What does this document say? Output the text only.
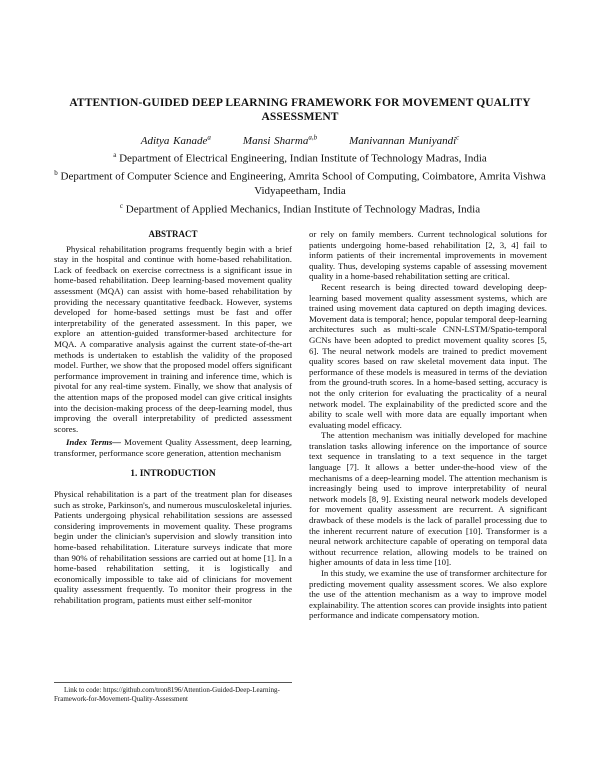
ATTENTION-GUIDED DEEP LEARNING FRAMEWORK FOR MOVEMENT QUALITY ASSESSMENT
Aditya Kanade$^a$	Mansi Sharma$^{a,b}$	Manivannan Muniyandi$^c$
$^a$ Department of Electrical Engineering, Indian Institute of Technology Madras, India
$^b$ Department of Computer Science and Engineering, Amrita School of Computing, Coimbatore, Amrita Vishwa Vidyapeetham, India
$^c$ Department of Applied Mechanics, Indian Institute of Technology Madras, India
ABSTRACT

Physical rehabilitation programs frequently begin with a brief stay in the hospital and continue with home-based rehabilitation. Lack of feedback on exercise correctness is a significant issue in home-based rehabilitation. Deep learning-based movement quality assessment (MQA) can assist with home-based rehabilitation by providing the necessary quantitative feedback. However, systems developed for home-based settings must be fast and offer interpretability of the generated assessment. In this paper, we explore an attention-guided transformer-based architecture for MQA. A comparative analysis against the current state-of-the-art methods is undertaken to establish the validity of the proposed model. Further, we show that the proposed model offers significant performance improvement in training and inference time, which is pivotal for any real-time system. Finally, we show that analysis of the attention maps of the proposed model can give critical insights into the decision-making process of the deep-learning model, thus improving the overall interpretability of predicted assessment scores.

Index Terms— Movement Quality Assessment, deep learning, transformer, performance score generation, attention mechanism

1. INTRODUCTION

Physical rehabilitation is a part of the treatment plan for diseases such as stroke, Parkinson's, and numerous musculoskeletal injuries. Patients undergoing physical rehabilitation sessions are assessed considering improvements in movement quality. These programs begin under the clinician's supervision and slowly transition into home-based rehabilitation. Literature surveys indicate that more than 90% of rehabilitation sessions are carried out at home [1]. In a home-based rehabilitation setting, it is logistically and economically impossible to take aid of clinicians for movement quality assessment frequently. To monitor their progress in the rehabilitation program, patients must either self-monitor

Link to code: https://github.com/tron8196/Attention-Guided-Deep-Learning-Framework-for-Movement-Quality-Assessment

or rely on family members. Current technological solutions for patients undergoing home-based rehabilitation [2, 3, 4] fail to inform patients of their incremental improvements in movement quality. Thus, developing systems capable of assessing movement quality in a home-based rehabilitation setting are critical.

Recent research is being directed toward developing deep-learning based movement quality assessment systems, which are trained using movement data captured on depth imaging devices. Movement data is temporal; hence, popular temporal deep-learning architectures such as multi-scale CNN-LSTM/Spatio-temporal GCNs have been adopted to predict movement quality scores [5, 6]. The neural network models are trained to predict movement quality scores based on raw skeletal movement data input. The performance of these models is measured in terms of the deviation from the ground-truth scores. In a home-based setting, accuracy is not the only criterion for evaluating the practicality of a neural network model. The explainability of the predicted score and the ability to scale well with more data are equally important when evaluating model efficacy.

The attention mechanism was initially developed for machine translation tasks allowing inference on the importance of source text sequence in translating to a text sequence in the target language [7]. It allows a better under-the-hood view of the mechanisms of a deep-learning model. The attention mechanism is increasingly being used to improve interpretability of neural network models [8, 9]. Existing neural network models developed for movement quality assessment are recurrent. A significant drawback of these models is the lack of parallel processing due to the inherent recurrent nature of execution [10]. Transformer is a neural network architecture capable of operating on temporal data without recurrence relation, allowing models to be trained on higher amounts of data in less time [10].

In this study, we examine the use of transformer architecture for predicting movement quality assessment scores. We also explore the use of the attention mechanism as a way to improve model explainability. The attention scores can provide insights into patient performance and indicate compensatory motion.
